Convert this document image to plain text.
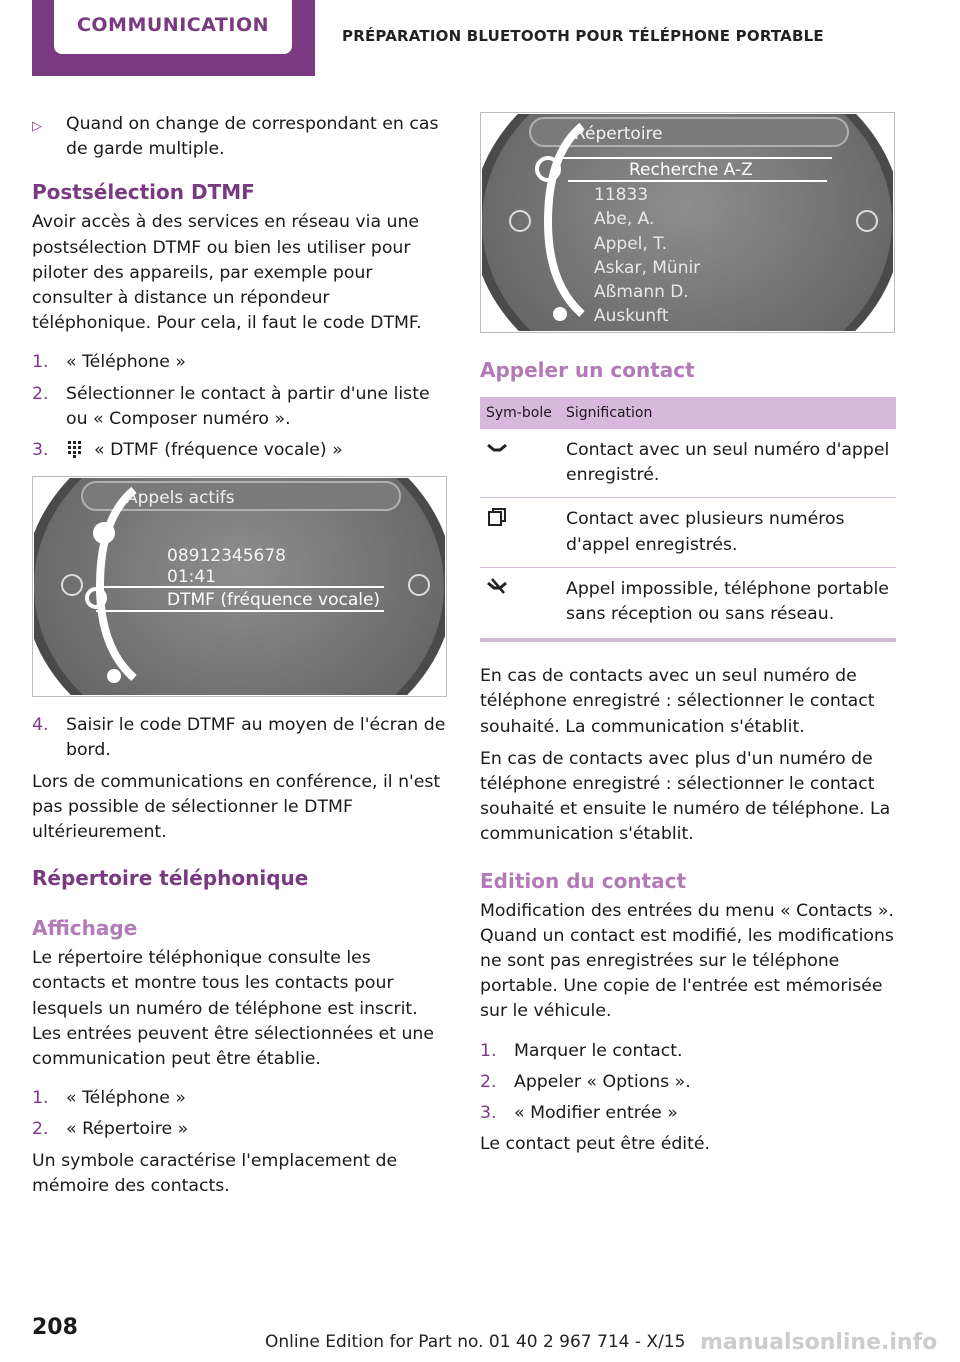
COMMUNICATION	PRÉPARATION BLUETOOTH POUR TÉLÉPHONE PORTABLE
▷	Quand on change de correspondant en cas de garde multiple.
Postsélection DTMF
Avoir accès à des services en réseau via une postsélection DTMF ou bien les utiliser pour piloter des appareils, par exemple pour consulter à distance un répondeur téléphonique. Pour cela, il faut le code DTMF.
1.	« Téléphone »
2.	Sélectionner le contact à partir d'une liste ou « Composer numéro ».
3.	« DTMF (fréquence vocale) »
Appels actifs
08912345678
01:41
DTMF (fréquence vocale)
4.	Saisir le code DTMF au moyen de l'écran de bord.
Lors de communications en conférence, il n'est pas possible de sélectionner le DTMF ultérieurement.
Répertoire téléphonique
Affichage
Le répertoire téléphonique consulte les contacts et montre tous les contacts pour lesquels un numéro de téléphone est inscrit. Les entrées peuvent être sélectionnées et une communication peut être établie.
1.	« Téléphone »
2.	« Répertoire »
Un symbole caractérise l'emplacement de mémoire des contacts.
Répertoire
Recherche A-Z
11833
Abe, A.
Appel, T.
Askar, Münir
Aßmann D.
Auskunft
Appeler un contact
Sym-bole	Signification
	Contact avec un seul numéro d'appel enregistré.
	Contact avec plusieurs numéros d'appel enregistrés.
	Appel impossible, téléphone portable sans réception ou sans réseau.
En cas de contacts avec un seul numéro de téléphone enregistré : sélectionner le contact souhaité. La communication s'établit.
En cas de contacts avec plus d'un numéro de téléphone enregistré : sélectionner le contact souhaité et ensuite le numéro de téléphone. La communication s'établit.
Edition du contact
Modification des entrées du menu « Contacts ». Quand un contact est modifié, les modifications ne sont pas enregistrées sur le téléphone portable. Une copie de l'entrée est mémorisée sur le véhicule.
1.	Marquer le contact.
2.	Appeler « Options ».
3.	« Modifier entrée »
Le contact peut être édité.
208
Online Edition for Part no. 01 40 2 967 714 - X/15 manualsonline.info
